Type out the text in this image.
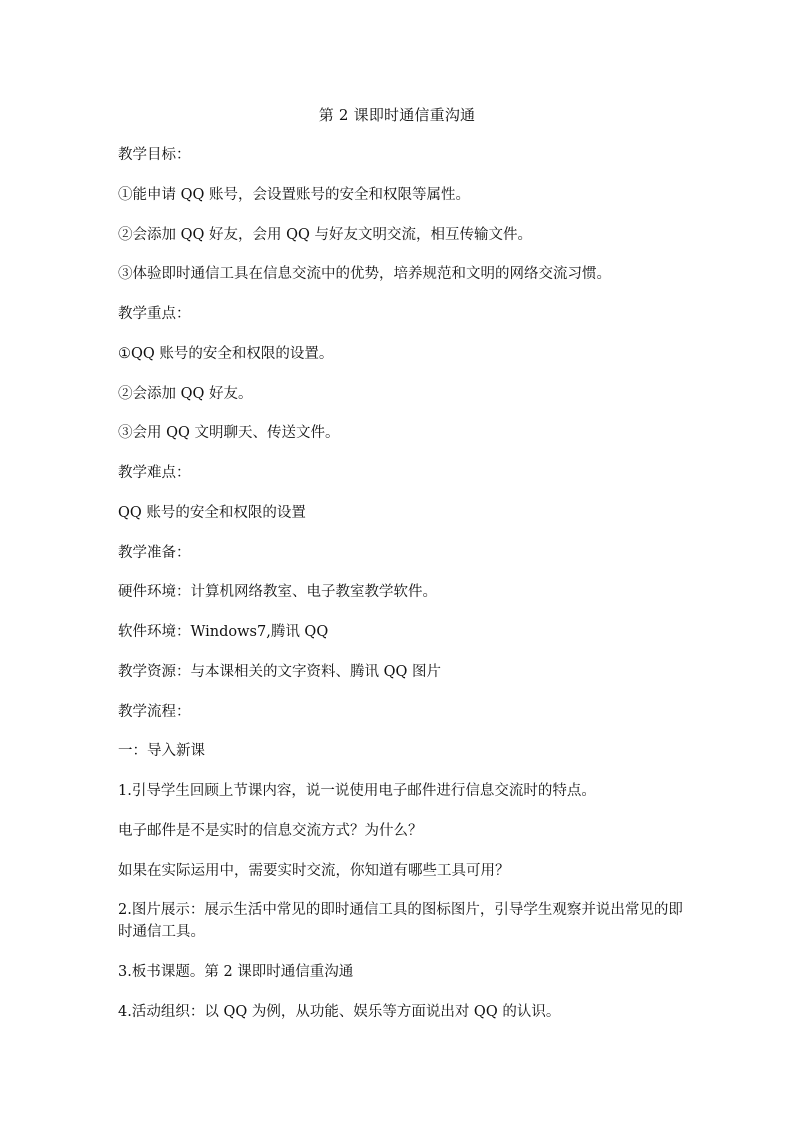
第 2 课即时通信重沟通

教学目标：

①能申请 QQ 账号，会设置账号的安全和权限等属性。

②会添加 QQ 好友，会用 QQ 与好友文明交流，相互传输文件。

③体验即时通信工具在信息交流中的优势，培养规范和文明的网络交流习惯。

教学重点：

①QQ 账号的安全和权限的设置。

②会添加 QQ 好友。

③会用 QQ 文明聊天、传送文件。

教学难点：

QQ 账号的安全和权限的设置

教学准备：

硬件环境：计算机网络教室、电子教室教学软件。

软件环境：Windows7,腾讯 QQ

教学资源：与本课相关的文字资料、腾讯 QQ 图片

教学流程：

一：导入新课

1.引导学生回顾上节课内容，说一说使用电子邮件进行信息交流时的特点。

电子邮件是不是实时的信息交流方式？为什么？

如果在实际运用中，需要实时交流，你知道有哪些工具可用？

2.图片展示：展示生活中常见的即时通信工具的图标图片，引导学生观察并说出常见的即时通信工具。

3.板书课题。第 2 课即时通信重沟通

4.活动组织：以 QQ 为例，从功能、娱乐等方面说出对 QQ 的认识。
